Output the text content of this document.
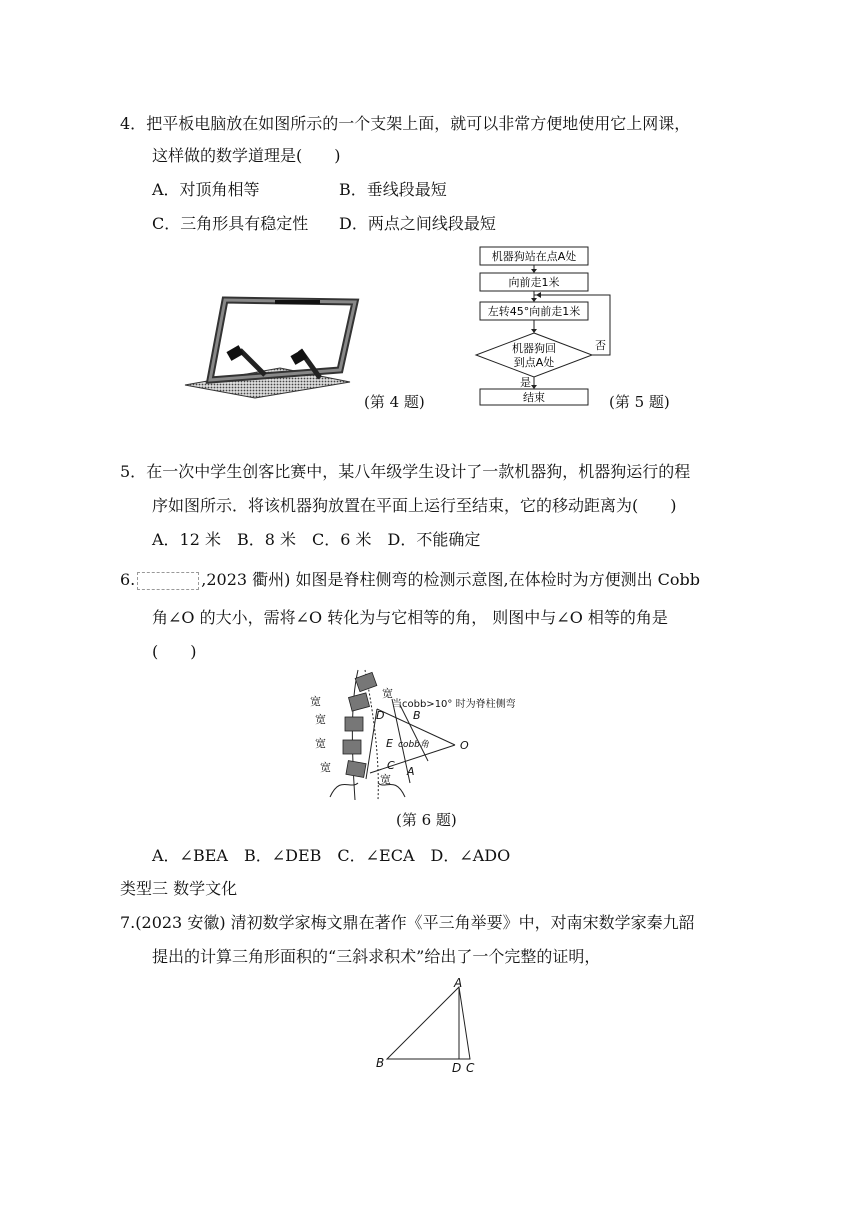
4．把平板电脑放在如图所示的一个支架上面，就可以非常方便地使用它上网课，
这样做的数学道理是(　　)
A．对顶角相等	B．垂线段最短
C．三角形具有稳定性 D．两点之间线段最短
(第 4 题)
机器狗站在点A处
向前走1米
左转45°向前走1米
机器狗回
到点A处
否
是
结束	(第 5 题)
5．在一次中学生创客比赛中，某八年级学生设计了一款机器狗，机器狗运行的程
序如图所示．将该机器狗放置在平面上运行至结束，它的移动距离为(　　)
A．12 米　B．8 米　C．6 米　D．不能确定
6.	,2023 衢州) 如图是脊柱侧弯的检测示意图,在体检时为方便测出 Cobb
角∠O 的大小，需将∠O 转化为与它相等的角， 则图中与∠O 相等的角是
(　　)
宽
宽
宽
宽
宽
宽
当cobb>10° 时为脊柱侧弯
cobb角
D	B
E
C A
O
(第 6 题)
A．∠BEA　B．∠DEB　C．∠ECA　D．∠ADO
类型三 数学文化
7.(2023 安徽) 清初数学家梅文鼎在著作《平三角举要》中，对南宋数学家秦九韶
提出的计算三角形面积的“三斜求积术”给出了一个完整的证明，
A
B	D C
